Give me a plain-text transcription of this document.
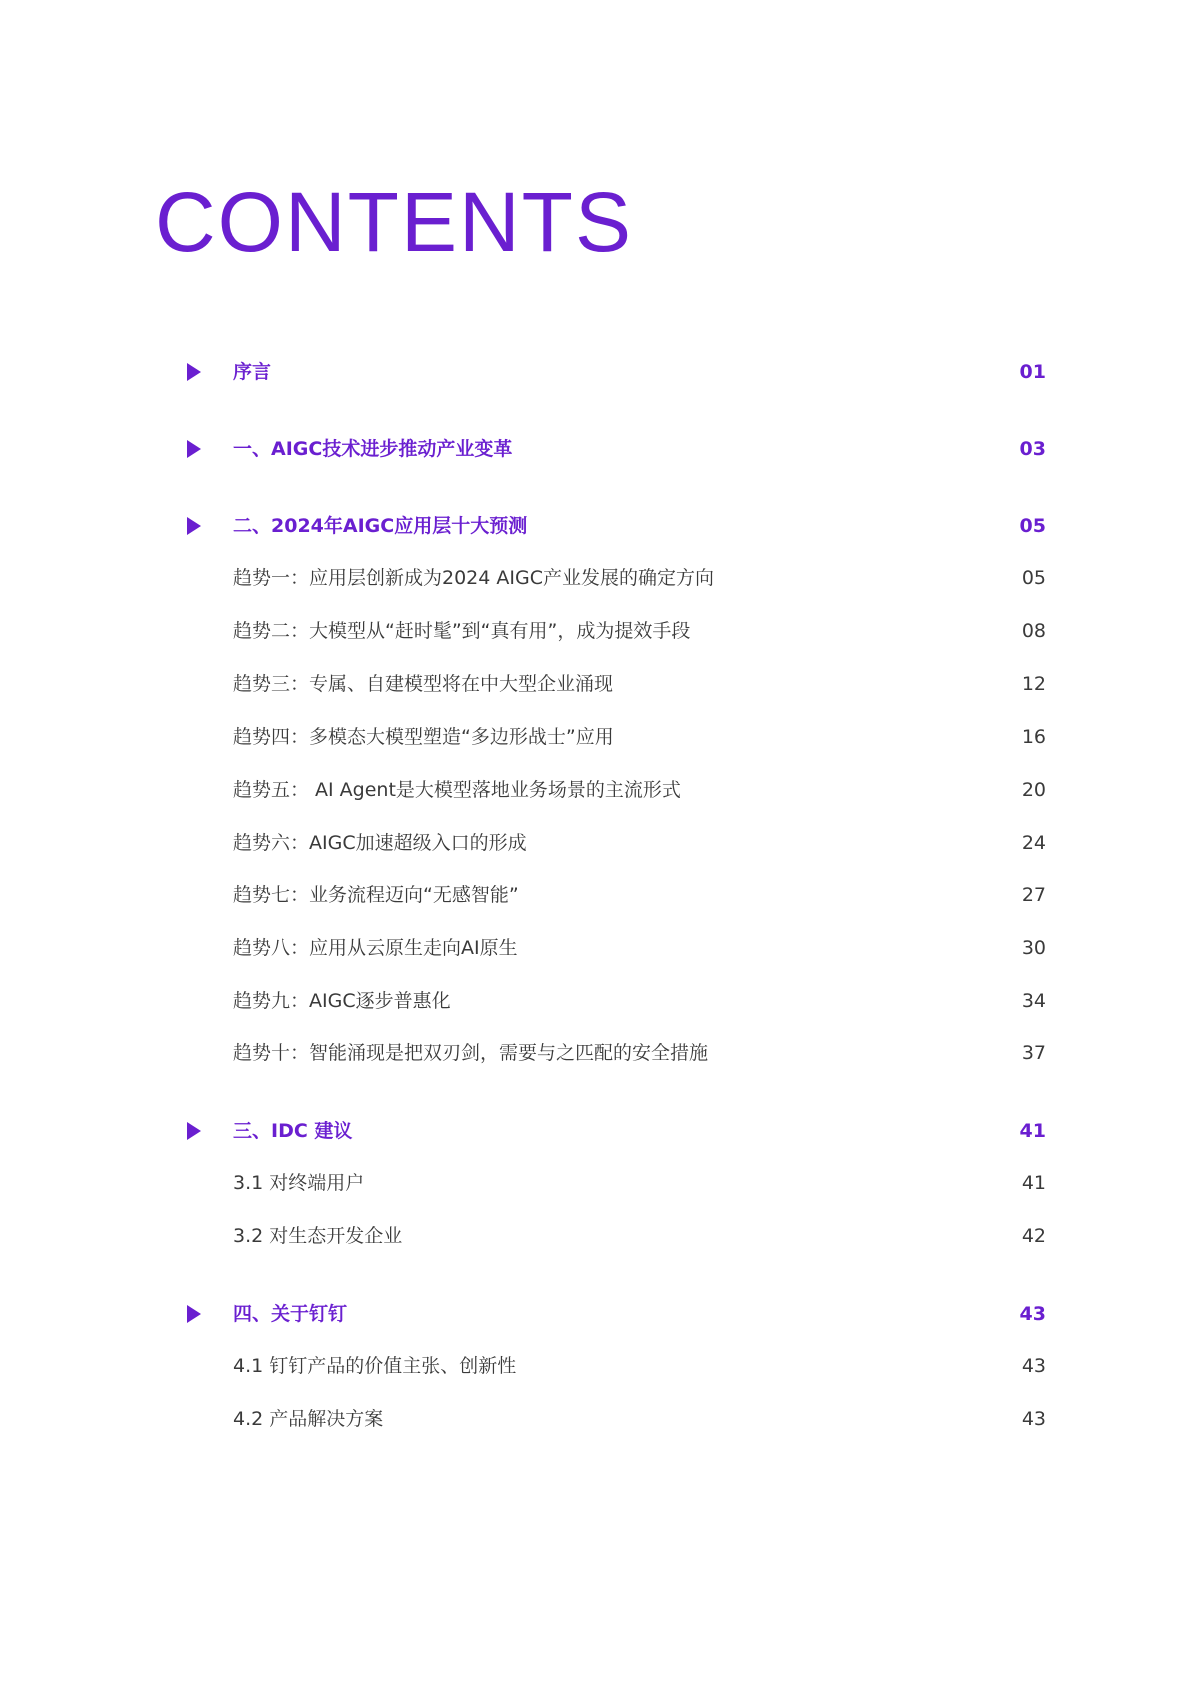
CONTENTS
序言	01
一、AIGC技术进步推动产业变革	03
二、2024年AIGC应用层十大预测	05
趋势一：应用层创新成为2024 AIGC产业发展的确定方向	05
趋势二：大模型从“赶时髦”到“真有用”，成为提效手段	08
趋势三：专属、自建模型将在中大型企业涌现	12
趋势四：多模态大模型塑造“多边形战士”应用	16
趋势五： AI Agent是大模型落地业务场景的主流形式	20
趋势六：AIGC加速超级入口的形成	24
趋势七：业务流程迈向“无感智能”	27
趋势八：应用从云原生走向AI原生	30
趋势九：AIGC逐步普惠化	34
趋势十：智能涌现是把双刃剑，需要与之匹配的安全措施	37
三、IDC 建议	41
3.1 对终端用户	41
3.2 对生态开发企业	42
四、关于钉钉	43
4.1 钉钉产品的价值主张、创新性	43
4.2 产品解决方案	43
